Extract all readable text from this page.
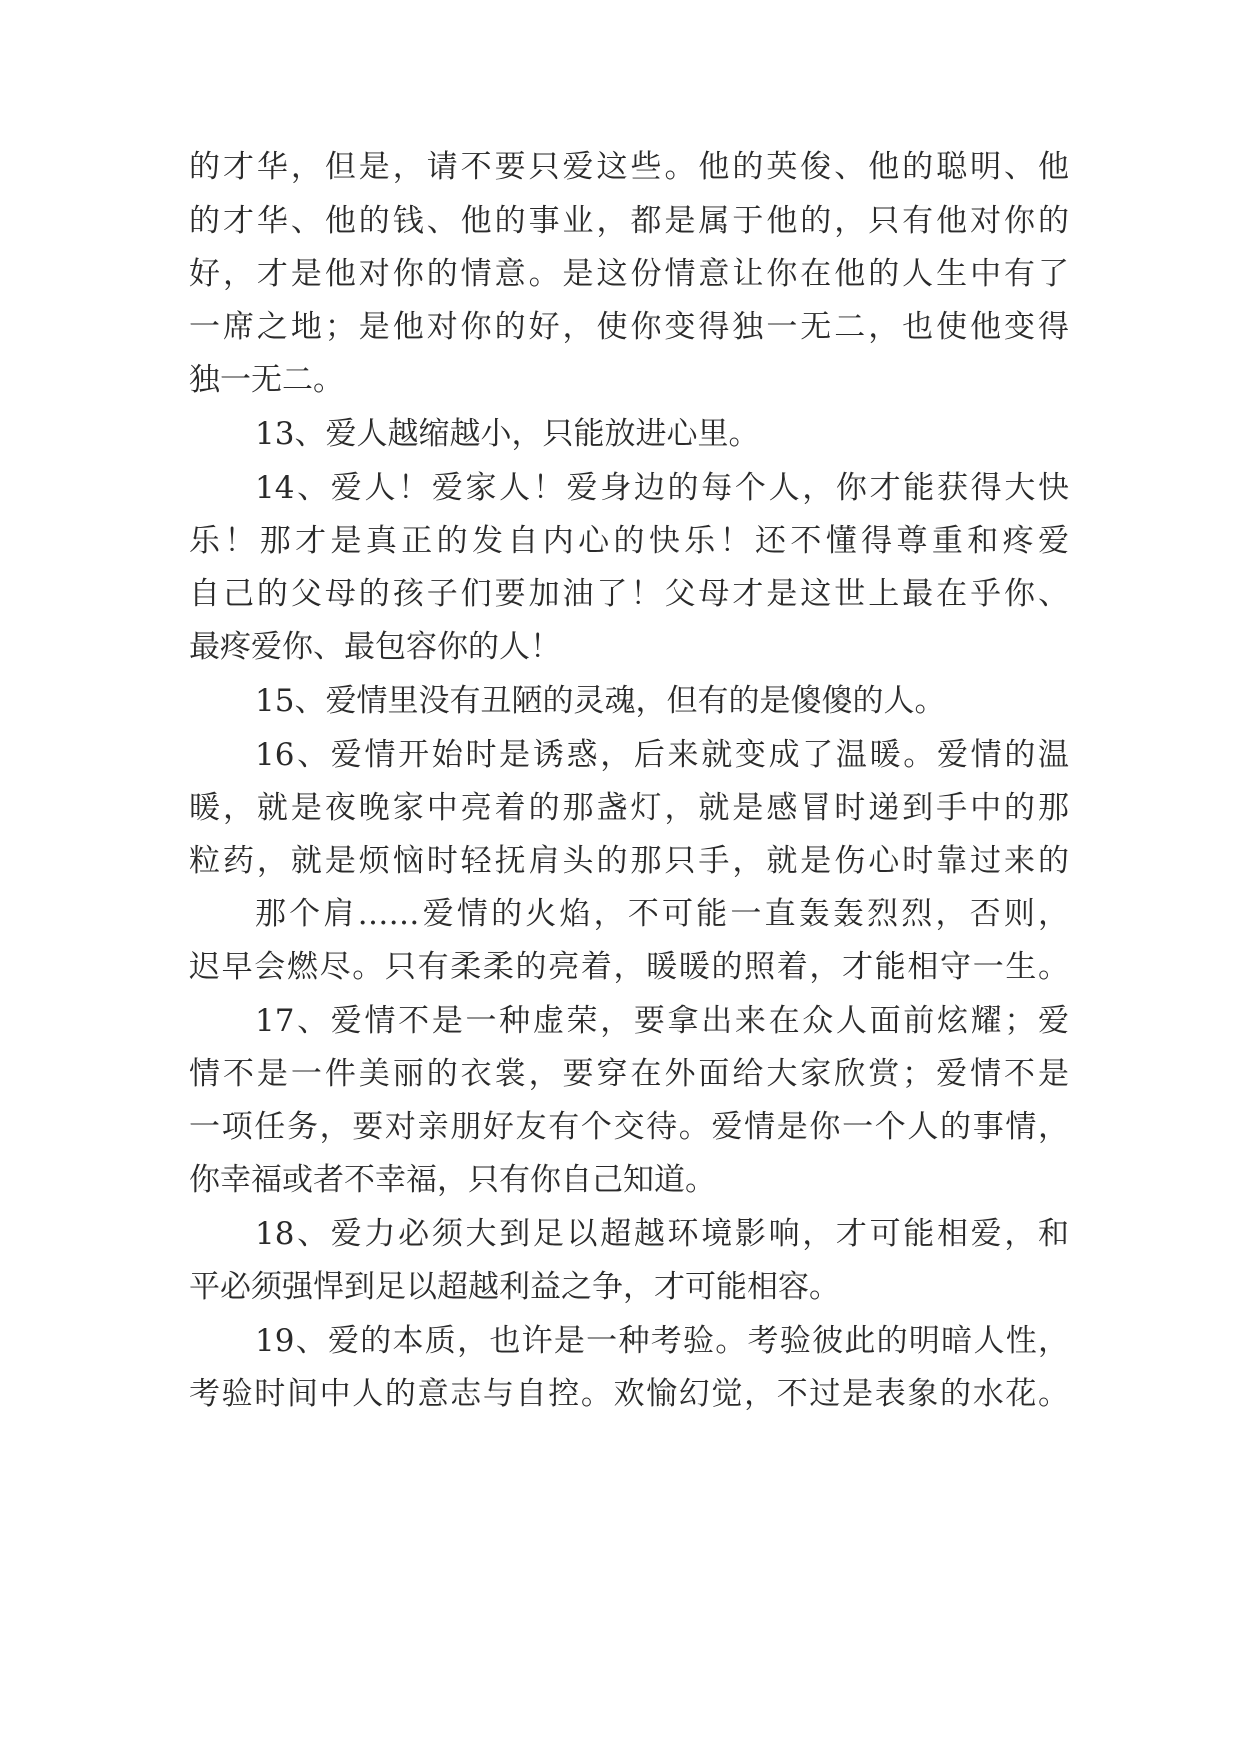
的才华，但是，请不要只爱这些。他的英俊、他的聪明、他
的才华、他的钱、他的事业，都是属于他的，只有他对你的
好，才是他对你的情意。是这份情意让你在他的人生中有了
一席之地；是他对你的好，使你变得独一无二，也使他变得
独一无二。
13、爱人越缩越小，只能放进心里。
14、爱人！爱家人！爱身边的每个人，你才能获得大快
乐！那才是真正的发自内心的快乐！还不懂得尊重和疼爱
自己的父母的孩子们要加油了！父母才是这世上最在乎你、
最疼爱你、最包容你的人！
15、爱情里没有丑陋的灵魂，但有的是傻傻的人。
16、爱情开始时是诱惑，后来就变成了温暖。爱情的温
暖，就是夜晚家中亮着的那盏灯，就是感冒时递到手中的那
粒药，就是烦恼时轻抚肩头的那只手，就是伤心时靠过来的
那个肩……爱情的火焰，不可能一直轰轰烈烈，否则，
迟早会燃尽。只有柔柔的亮着，暖暖的照着，才能相守一生。
17、爱情不是一种虚荣，要拿出来在众人面前炫耀；爱
情不是一件美丽的衣裳，要穿在外面给大家欣赏；爱情不是
一项任务，要对亲朋好友有个交待。爱情是你一个人的事情，
你幸福或者不幸福，只有你自己知道。
18、爱力必须大到足以超越环境影响，才可能相爱，和
平必须强悍到足以超越利益之争，才可能相容。
19、爱的本质，也许是一种考验。考验彼此的明暗人性，
考验时间中人的意志与自控。欢愉幻觉，不过是表象的水花。
